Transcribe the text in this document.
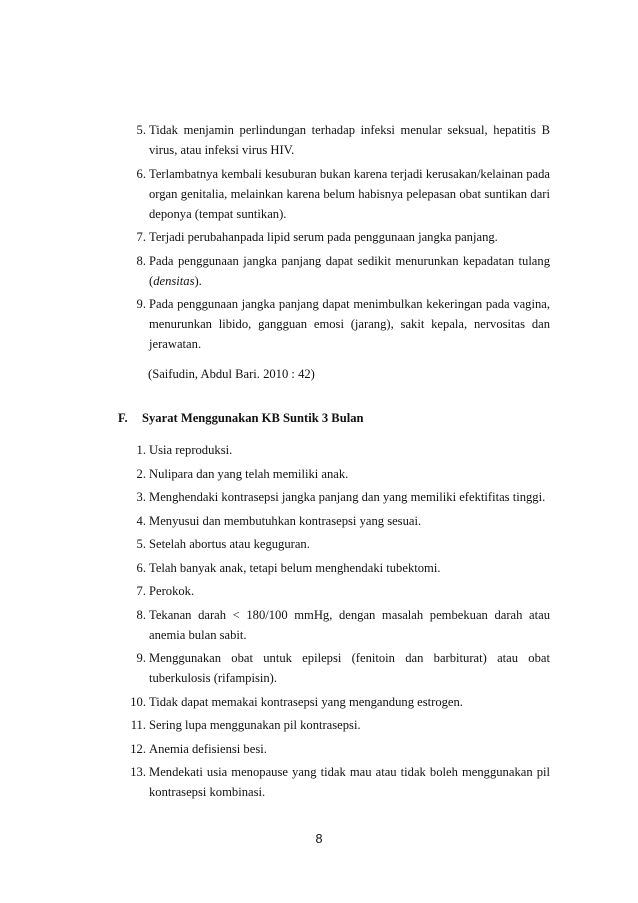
5. Tidak menjamin perlindungan terhadap infeksi menular seksual, hepatitis B virus, atau infeksi virus HIV.
6. Terlambatnya kembali kesuburan bukan karena terjadi kerusakan/kelainan pada organ genitalia, melainkan karena belum habisnya pelepasan obat suntikan dari deponya (tempat suntikan).
7. Terjadi perubahanpada lipid serum pada penggunaan jangka panjang.
8. Pada penggunaan jangka panjang dapat sedikit menurunkan kepadatan tulang (densitas).
9. Pada penggunaan jangka panjang dapat menimbulkan kekeringan pada vagina, menurunkan libido, gangguan emosi (jarang), sakit kepala, nervositas dan jerawatan.
(Saifudin, Abdul Bari. 2010 : 42)
F. Syarat Menggunakan KB Suntik 3 Bulan
1. Usia reproduksi.
2. Nulipara dan yang telah memiliki anak.
3. Menghendaki kontrasepsi jangka panjang dan yang memiliki efektifitas tinggi.
4. Menyusui dan membutuhkan kontrasepsi yang sesuai.
5. Setelah abortus atau keguguran.
6. Telah banyak anak, tetapi belum menghendaki tubektomi.
7. Perokok.
8. Tekanan darah < 180/100 mmHg, dengan masalah pembekuan darah atau anemia bulan sabit.
9. Menggunakan obat untuk epilepsi (fenitoin dan barbiturat) atau obat tuberkulosis (rifampisin).
10. Tidak dapat memakai kontrasepsi yang mengandung estrogen.
11. Sering lupa menggunakan pil kontrasepsi.
12. Anemia defisiensi besi.
13. Mendekati usia menopause yang tidak mau atau tidak boleh menggunakan pil kontrasepsi kombinasi.
8
